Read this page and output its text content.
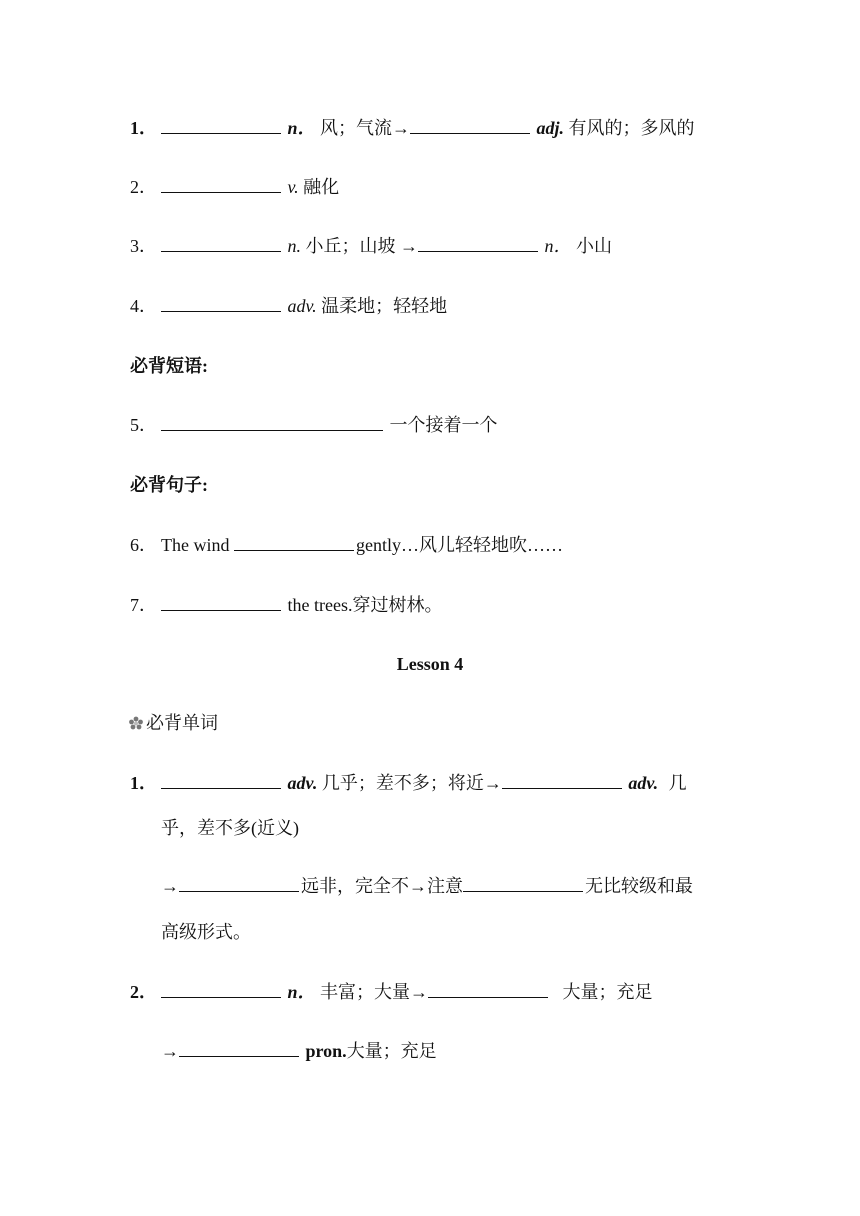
1．	n． 风；气流→	adj. 有风的；多风的
2．	v. 融化
3．	n. 小丘；山坡 →	n． 小山
4．	adv. 温柔地；轻轻地
必背短语:
5．	一个接着一个
必背句子:
6． The wind	gently…风儿轻轻地吹……
7．	the trees.穿过树林。
Lesson 4
必背单词
1．	adv. 几乎；差不多；将近→	adv. 几
乎，差不多(近义)
→	远非，完全不→注意	无比较级和最
高级形式。
2．	n． 丰富；大量→	大量；充足
→	pron.大量；充足
